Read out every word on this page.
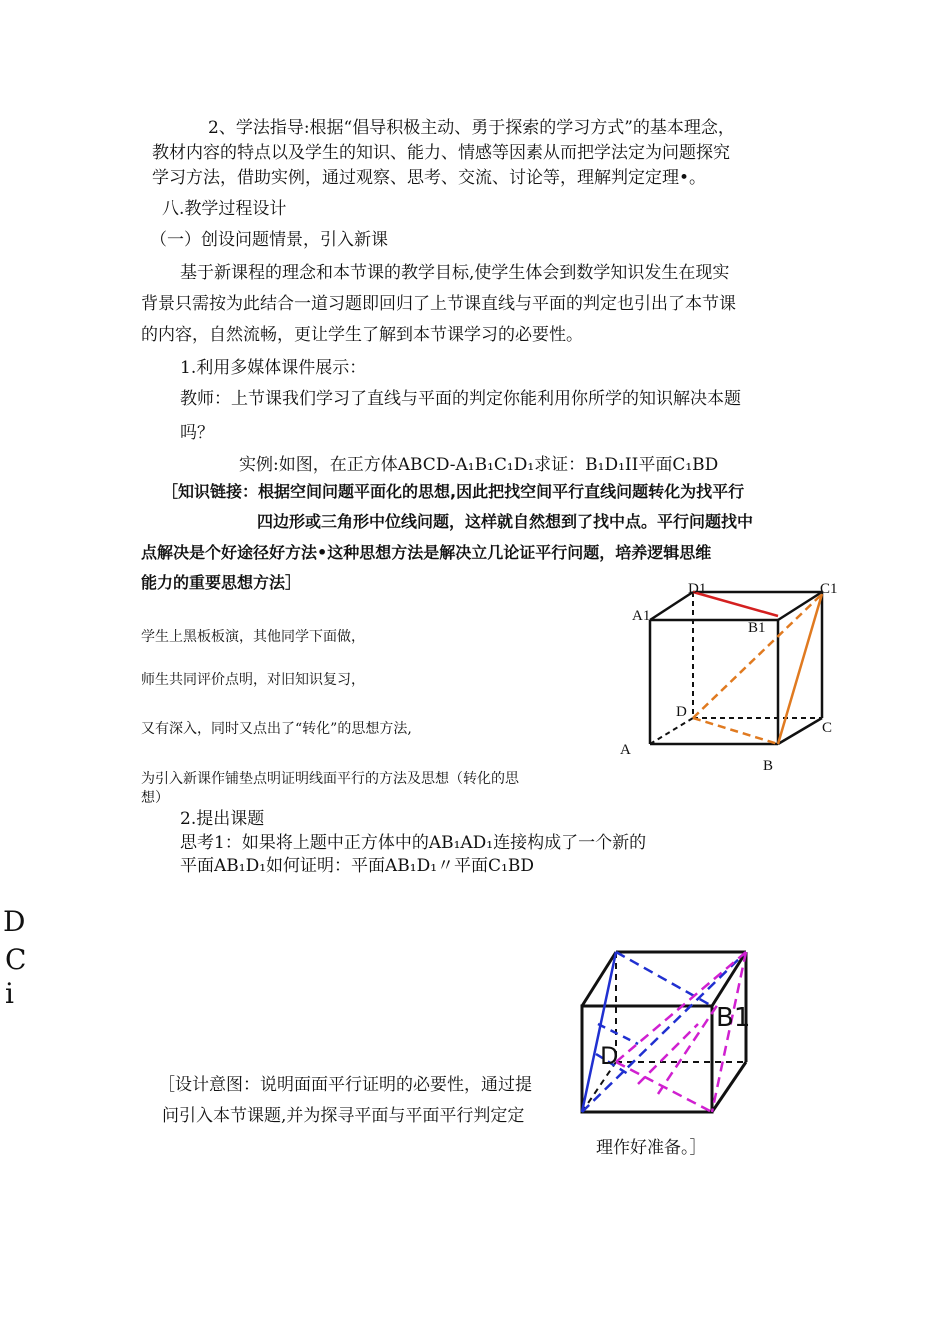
2、学法指导:根据“倡导积极主动、勇于探索的学习方式”的基本理念，
教材内容的特点以及学生的知识、能力、情感等因素从而把学法定为问题探究
学习方法，借助实例，通过观察、思考、交流、讨论等，理解判定定理•。
八.教学过程设计
（一）创设问题情景，引入新课
基于新课程的理念和本节课的教学目标,使学生体会到数学知识发生在现实
背景只需按为此结合一道习题即回归了上节课直线与平面的判定也引出了本节课
的内容，自然流畅，更让学生了解到本节课学习的必要性。
1.利用多媒体课件展示：
教师：上节课我们学习了直线与平面的判定你能利用你所学的知识解决本题
吗？
实例:如图，在正方体ABCD-A₁B₁C₁D₁求证：B₁D₁II平面C₁BD
［知识链接：根据空间问题平面化的思想,因此把找空间平行直线问题转化为找平行
四边形或三角形中位线问题，这样就自然想到了找中点。平行问题找中
点解决是个好途径好方法•这种思想方法是解决立几论证平行问题，培养逻辑思维
能力的重要思想方法］
学生上黑板板演，其他同学下面做，
师生共同评价点明，对旧知识复习，
又有深入，同时又点出了“转化”的思想方法,
为引入新课作铺垫点明证明线面平行的方法及思想（转化的思
想）
2.提出课题
思考1：如果将上题中正方体中的AB₁AD₁连接构成了一个新的
平面AB₁D₁如何证明：平面AB₁D₁〃平面C₁BD
D
C
i
［设计意图：说明面面平行证明的必要性，通过提
问引入本节课题,并为探寻平面与平面平行判定定
理作好准备。］
D1	C1
A1
B1
D
C
A
B
B1
D
